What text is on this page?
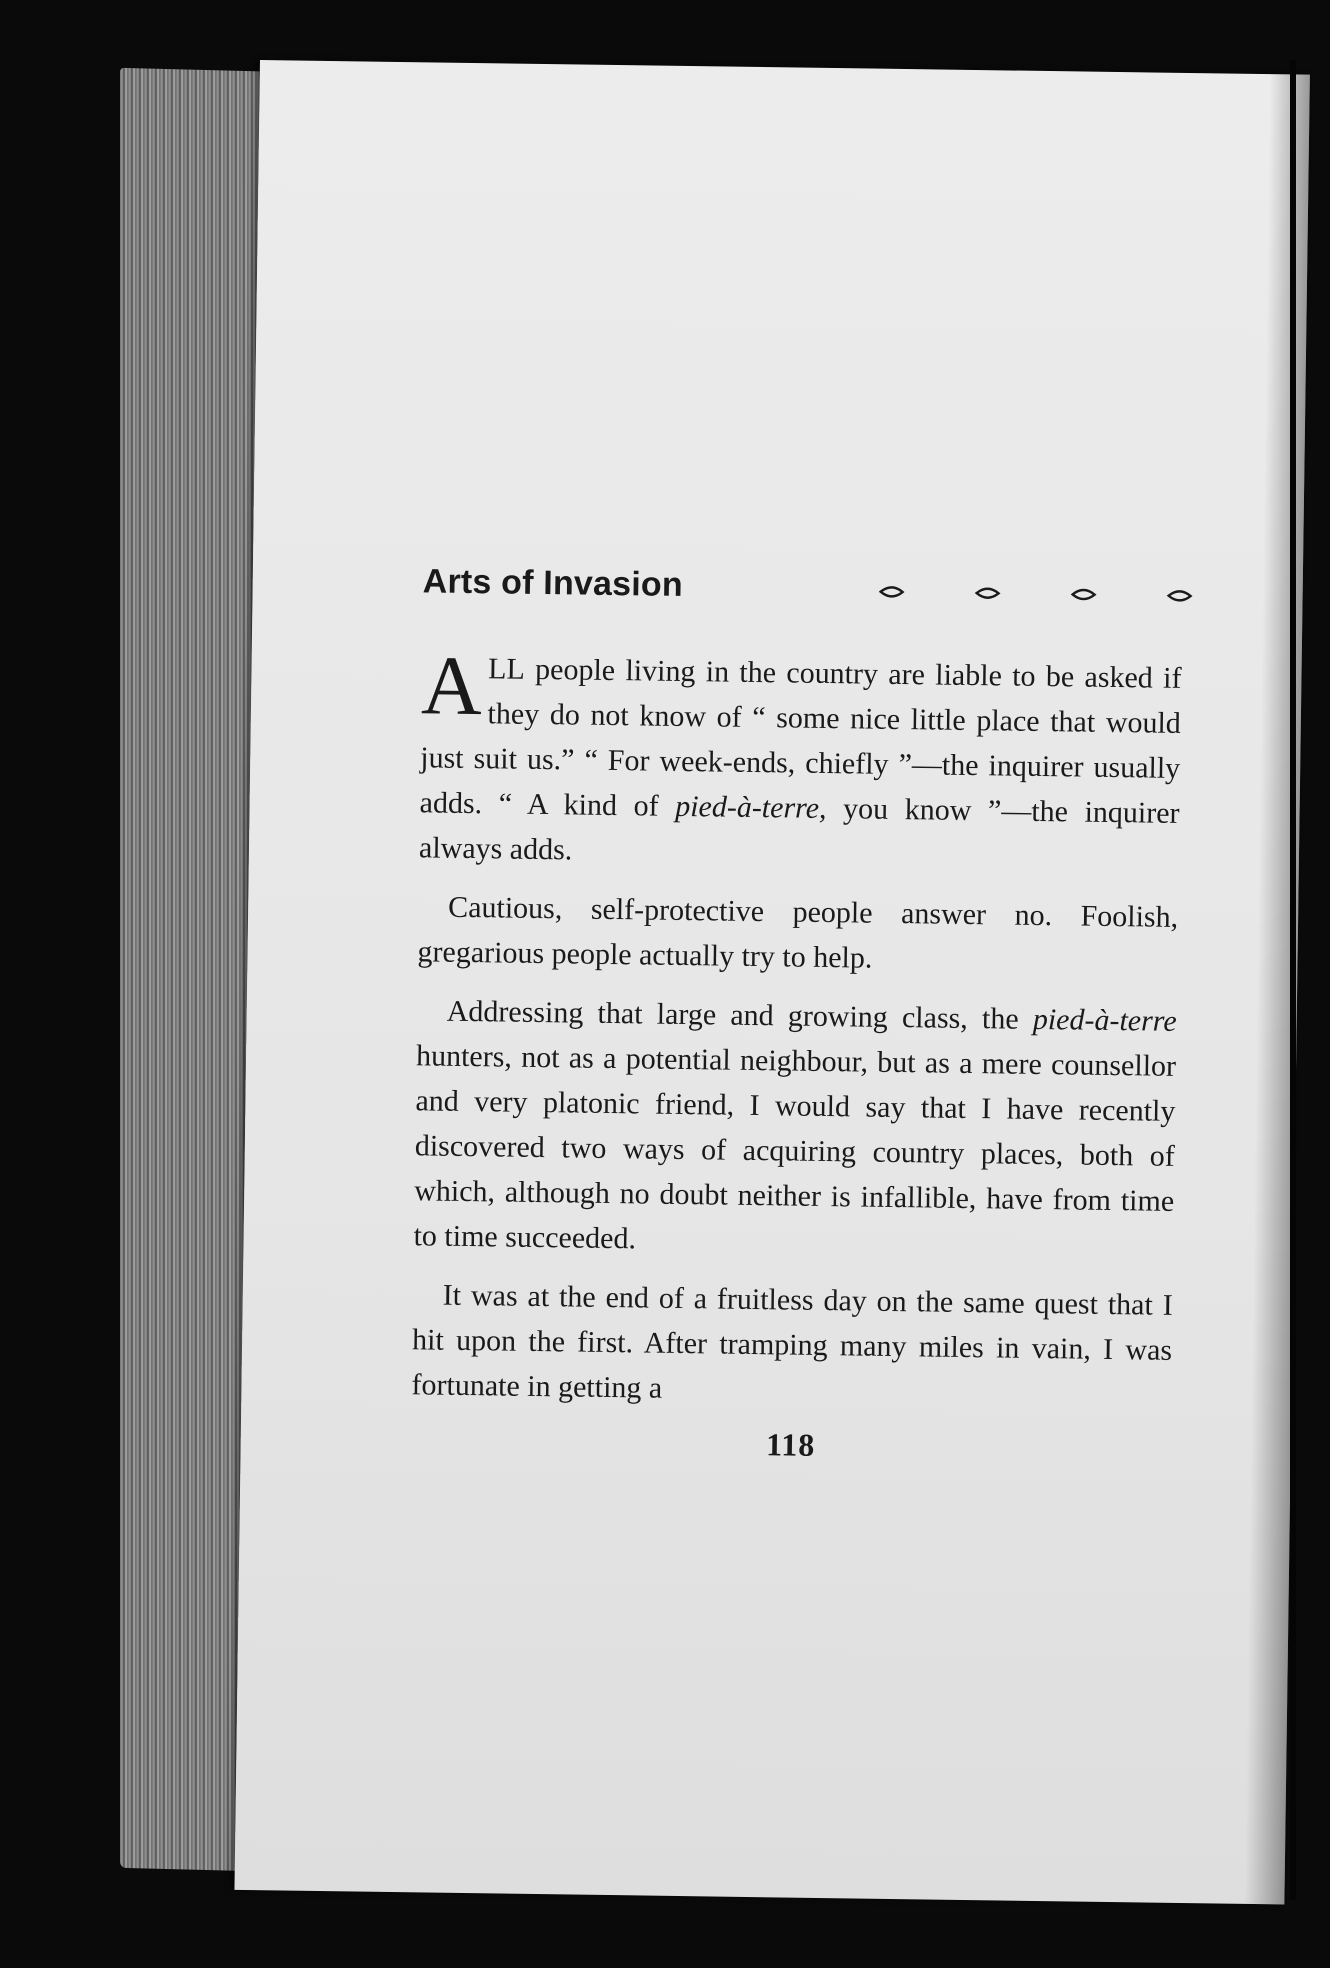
Arts of Invasion

ALL people living in the country are liable to be asked if they do not know of “ some nice little place that would just suit us.” “ For week-ends, chiefly ”—the inquirer usually adds. “ A kind of pied-à-terre, you know ”—the inquirer always adds.

Cautious, self-protective people answer no. Foolish, gregarious people actually try to help.

Addressing that large and growing class, the pied-à-terre hunters, not as a potential neighbour, but as a mere counsellor and very platonic friend, I would say that I have recently discovered two ways of acquiring country places, both of which, although no doubt neither is infallible, have from time to time succeeded.

It was at the end of a fruitless day on the same quest that I hit upon the first. After tramping many miles in vain, I was fortunate in getting a

118
